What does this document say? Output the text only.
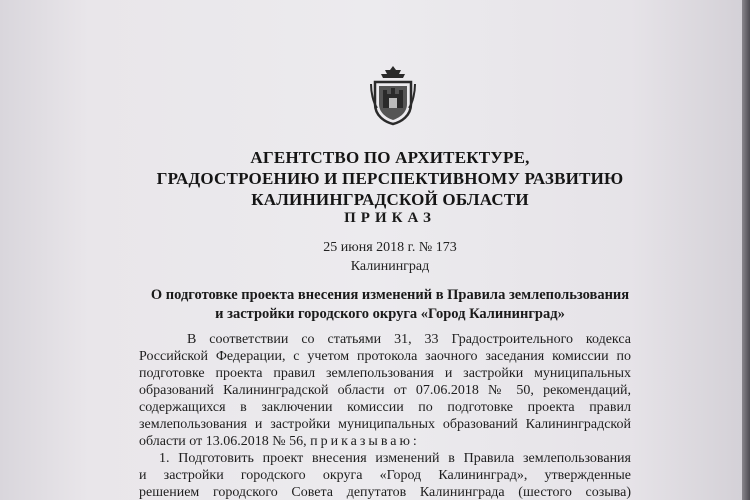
АГЕНТСТВО ПО АРХИТЕКТУРЕ,
ГРАДОСТРОЕНИЮ И ПЕРСПЕКТИВНОМУ РАЗВИТИЮ
КАЛИНИНГРАДСКОЙ ОБЛАСТИ
ПРИКАЗ
25 июня 2018 г. № 173
Калининград
О подготовке проекта внесения изменений в Правила землепользования
и застройки городского округа «Город Калининград»
В соответствии со статьями 31, 33 Градостроительного кодекса
Российской Федерации, с учетом протокола заочного заседания комиссии по
подготовке проекта правил землепользования и застройки муниципальных
образований Калининградской области от 07.06.2018 № 50, рекомендаций,
содержащихся в заключении комиссии по подготовке проекта правил
землепользования и застройки муниципальных образований Калининградской
области от 13.06.2018 № 56, приказываю:
1. Подготовить проект внесения изменений в Правила землепользования
и застройки городского округа «Город Калининград», утвержденные
решением городского Совета депутатов Калининграда (шестого созыва)
